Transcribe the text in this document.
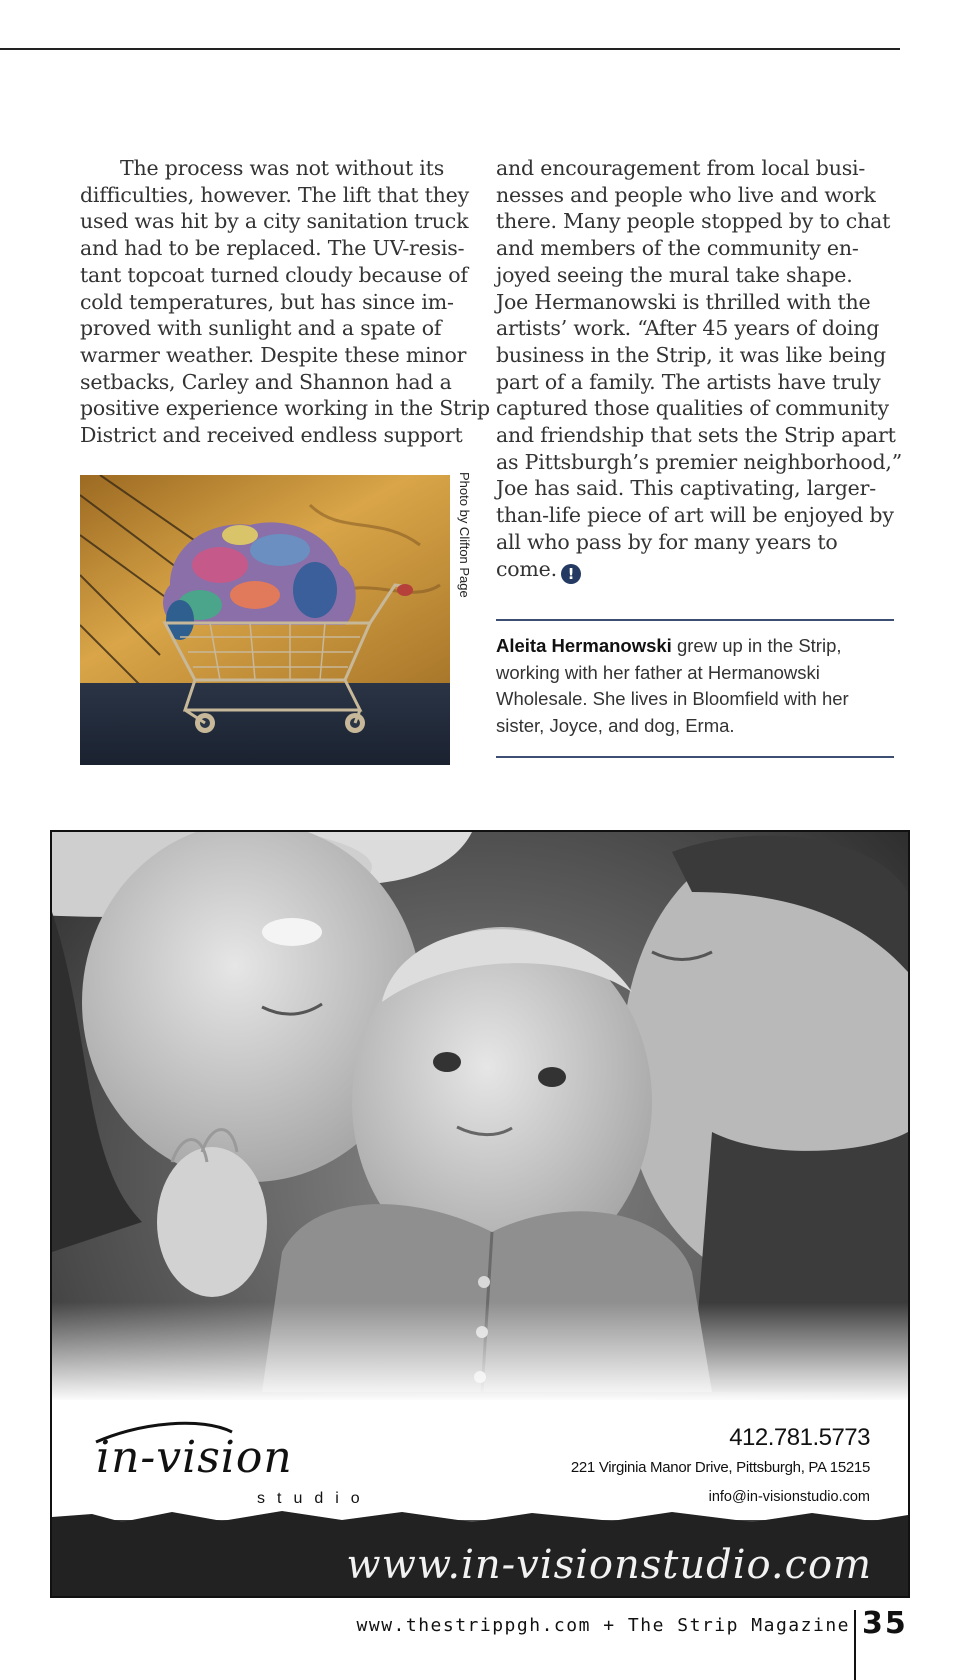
The process was not without its
difficulties, however. The lift that they
used was hit by a city sanitation truck
and had to be replaced. The UV-resis-
tant topcoat turned cloudy because of
cold temperatures, but has since im-
proved with sunlight and a spate of
warmer weather. Despite these minor
setbacks, Carley and Shannon had a
positive experience working in the Strip
District and received endless support
and encouragement from local busi-
nesses and people who live and work
there. Many people stopped by to chat
and members of the community en-
joyed seeing the mural take shape.
Joe Hermanowski is thrilled with the
artists’ work. “After 45 years of doing
business in the Strip, it was like being
part of a family. The artists have truly
captured those qualities of community
and friendship that sets the Strip apart
as Pittsburgh’s premier neighborhood,”
Joe has said. This captivating, larger-
than-life piece of art will be enjoyed by
all who pass by for many years to
come. !
Photo by Clifton Page
Aleita Hermanowski grew up in the Strip,
working with her father at Hermanowski
Wholesale. She lives in Bloomfield with her
sister, Joyce, and dog, Erma.
in-vision
studio
412.781.5773
221 Virginia Manor Drive, Pittsburgh, PA 15215
info@in-visionstudio.com
www.in-visionstudio.com
www.thestrippgh.com + The Strip Magazine 35
